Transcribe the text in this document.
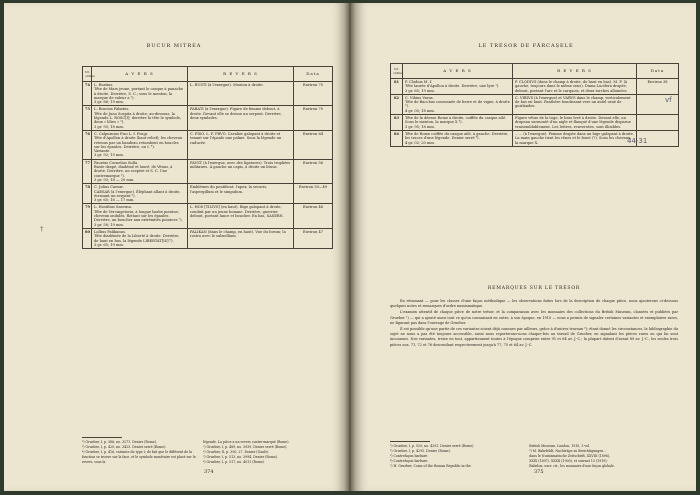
BUCUR MITREA
Nr. ordine	A V E R S	R E V E R S	Data
74	L. Rustius.
Tête de Mars jeune, portant le casque à panache à droite. Derrière, S. C.; sous le menton, la marque de valeur a ²).
3 gr. 86; 19 mm.	L. RUSTI (à l'exergue). Mouton à droite.	Environ 75
75	L. Roscius Fabatus.
Tête de Juno Sospita à droite; au-dessous, la légende L. ROSC[I]; derrière la tête le symbole, deux « lilies » ³).
3 gr. 93; 18 mm.	FABATI (à l'exergue). Figure de femme debout, à droite. Devant elle se dresse un serpent. Derrière, deux symboles.	Environ 70
76	C. Calpurnius Piso L. f. Frugi.
Tête d'Apollon à droite (haut relief); les cheveux retenus par un bandeau retombent en boucles sur les épaules. Derrière, un I. ⁴).
Variante.
3 gr. 92; 19 mm.	C. PISO. L. F. FRVG. Cavalier galopant à droite et tenant sur l'épaule une palme. Sous la légende un caducée.	Environ 64
77	Faustus Cornelius Sulla.
Buste drapé, diadémé et lauré, de Vénus, à droite. Derrière, un sceptre et S. C. Une contremarque ⁵).
3 gr. 93; 18 — 20 mm.	FAVST (à l'exergue, avec des ligatures). Trois trophées militaires. À gauche un capis, à droite un lituus.	Environ 56
78	C. Julius Caesar.
CAESAR (à l'exergue). Éléphant allant à droite, écrasant un serpent ⁶).
3 gr. 65; 16 — 17 mm.	Emblèmes du pontificat: l'apex, la securis, l'aspergillum et le simpulum.	Environ 50—49
79	L. Hostilius Saserna.
Tête de Vercingetorix, à longue barbe pointue; cheveux ondulés, flottant sur les épaules. Derrière, un bouclier aux extrémités pointues ⁷).
3 gr. 58; 19 mm.	L. HOS [TILIVS] (en haut). Bige galopant à droite, conduit par un jeune homme. Derrière, guerrier debout, portant lance et bouclier. En bas, SASERN.	Environ 48
80	Lollius Palikanus.
Tête diadémée de la Liberté à droite. Derrière, de haut en bas, la légende LIBERTAT[IS] ⁸).
3 gr. 65; 19 mm.	PALIKAN (dans le champ, en haut). Vue du forum; la rostra avec le subsellium.	Environ 47
²) Grueber, I, p. 386, no. 3271. Denier (Rome).
³) Grueber, I, p. 420, no. 3425. Denier serré (Rome).
⁴) Grueber, I, p. 416, variante du type I; de fait que le différent de la fonction se trouve sur la face, et le symbole monétaire est placé sur le revers, sous la

légende. La pièce a un revers contre-marqué (Rome).
⁵) Grueber, I, p. 489, no. 3939. Denier serré (Rome).
⁶) Grueber, II, p. 390, 27. Denier (Gaule).
⁷) Grueber, I, p. 513, no. 3994. Denier (Rome).
⁸) Grueber, I, p. 517, no. 4011 (Rome).
374
LE TRÉSOR DE FĂRCAȘELE
Nr. ordine	A V E R S	R E V E R S	Data
81	P. Clodius M. f.
Tête laurée d'Apollon à droite. Derrière, une lyre ¹).
3 gr. 65; 19 mm.	P. CLODIVS (dans le champ à droite, de haut en bas). M. F. (à gauche, toujours dans le même sens). Diana Lucifera drapée, debout, portant l'arc et le carquois, et deux torches allumées.	Environ 38
82	C. Vibius Varus.
Tête de Bacchus couronnée de lierre et de vigne, à droite ²).
4 gr. 05; 18 mm.	C. VIBIVS (à l'exergue) et VARVS dans le champ, verticalement de bas en haut. Panthère bondissant vers un autel orné de guirlandes.	
83	Tête de la déesse Rome à droite, coiffée du casque ailé. Sous le menton, la marque X ³).
3 gr. 95; 18 mm.	Figure vêtue de la toge, le bras levé à droite. Devant elle, un drapeau surmonté d'un aigle et flanqué d'une légende disparue vraisemblablement. Les lettres, renversées, sont illisibles.	
84	Tête de Rome coiffée du casque ailé, à gauche. Derrière, les traces d'une légende. Denier serré ⁴).
4 gr. 02; 20 mm.	…… (à l'exergue). Femme drapée dans un bige galopant à droite. La main gauche tient les rênes et le fouet (?). Sous les chevaux, la marque X.	
REMARQUES SUR LE TRÉSOR

En résumant — pour les classer d'une façon méthodique — les observations faites lors de la description de chaque pièce, nous ajouterons ci-dessous quelques notes et remarques d'ordre numismatique.

L'examen attentif de chaque pièce de notre trésor, et la comparaison avec les monnaies des collections du British Museum, classées et publiées par Grueber ¹) — qui a ajouté aussi tout ce qu'on connaissait en outre, à son époque, en 1910 — nous a permis de signaler certaines variantes et exemplaires rares, ne figurant pas dans l'ouvrage de Grueber.

Il est possible qu'une partie de ces variantes soient déjà connues par ailleurs, grâce à d'autres travaux ²); étant donné les circonstances, la bibliographie du sujet ne nous a pas été toujours accessible, aussi nous reporterons-nous chaque-fois au travail de Grueber, en signalant les pièces rares ou qui lui sont inconnues. Nos variantes, treize en tout, appartiennent toutes à l'époque comprise entre 91 et 64 av. J.-C.; la plupart datent d'avant 89 av. J.-C., les seules trois pièces nos. 71, 72 et 76 descendant respectivement jusqu'à 77, 75 et 64 av. J.-C.

¹) Grueber, I, p. 520, no. 4291. Denier serré (Rome).
²) Grueber, I, p. 4295. Denier (Rome).
³) Contrefaçon barbare.
⁴) Contrefaçon barbare.
¹) H. Grueber, Coins of the Roman Republic in the

British Museum, London, 1910, 3 vol.
²) M. Bahrfeldt, Nachträge zu Berichtigungen…
dans le Numismatische Zeitschrift, XXVIII (1896),
XXIX (1897), XXXII (1900), et suivant 13 (1919);
Babelon, excr. cit.; les monnaies d'une façon globale.
375
vf
44-31
†
